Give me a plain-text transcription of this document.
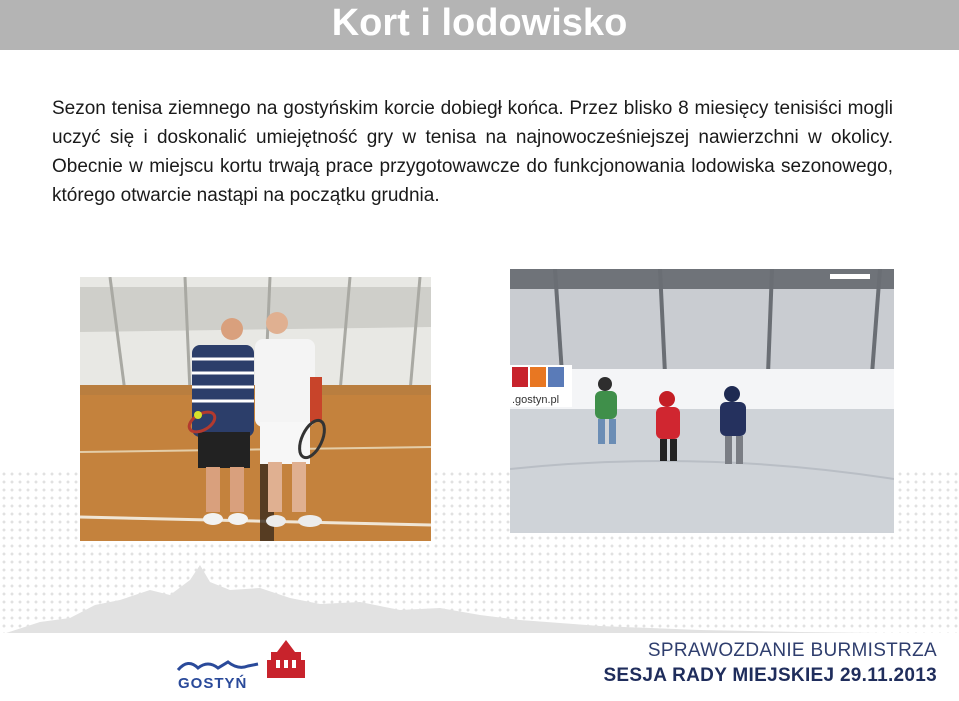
Kort i lodowisko

Sezon tenisa ziemnego na gostyńskim korcie dobiegł końca. Przez blisko 8 miesięcy tenisiści mogli uczyć się i doskonalić umiejętność gry w tenisa na najnowocześniejszej nawierzchni w okolicy. Obecnie w miejscu kortu trwają prace przygotowawcze do funkcjonowania lodowiska sezonowego, którego otwarcie nastąpi na początku grudnia.

.gostyn.pl
GOSTYŃ
SPRAWOZDANIE BURMISTRZA
SESJA RADY MIEJSKIEJ 29.11.2013
